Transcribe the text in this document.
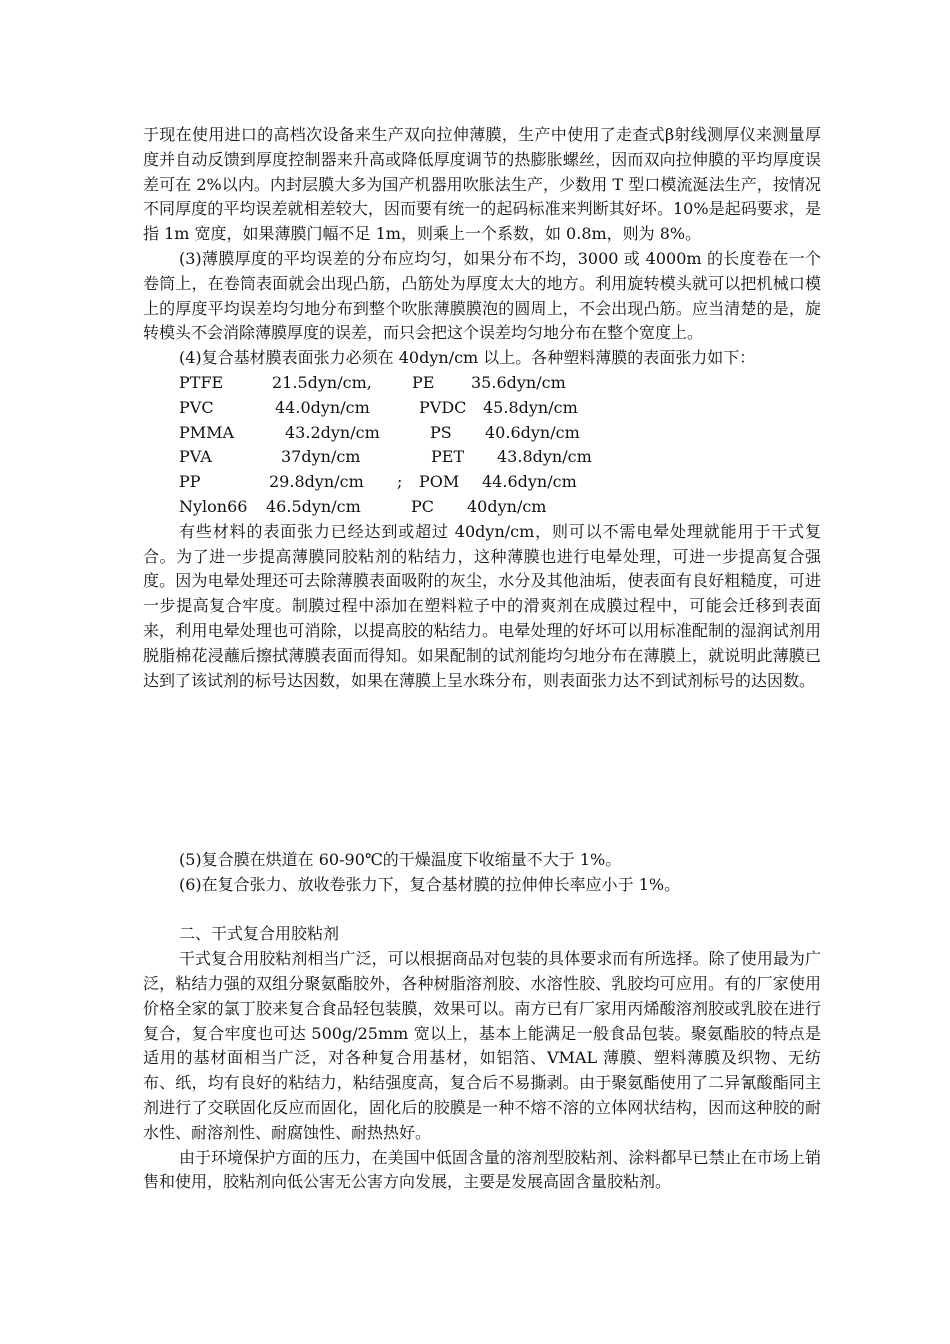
于现在使用进口的高档次设备来生产双向拉伸薄膜，生产中使用了走查式β射线测厚仪来测量厚度并自动反馈到厚度控制器来升高或降低厚度调节的热膨胀螺丝，因而双向拉伸膜的平均厚度误差可在 2%以内。内封层膜大多为国产机器用吹胀法生产，少数用 T 型口模流涎法生产，按情况不同厚度的平均误差就相差较大，因而要有统一的起码标准来判断其好坏。10%是起码要求，是指 1m 宽度，如果薄膜门幅不足 1m，则乘上一个系数，如 0.8m，则为 8%。

(3)薄膜厚度的平均误差的分布应均匀，如果分布不均，3000 或 4000m 的长度卷在一个卷筒上，在卷筒表面就会出现凸筋，凸筋处为厚度太大的地方。利用旋转模头就可以把机械口模上的厚度平均误差均匀地分布到整个吹胀薄膜膜泡的圆周上，不会出现凸筋。应当清楚的是，旋转模头不会消除薄膜厚度的误差，而只会把这个误差均匀地分布在整个宽度上。

(4)复合基材膜表面张力必须在 40dyn/cm 以上。各种塑料薄膜的表面张力如下：

PTFE	21.5dyn/cm,	PE 35.6dyn/cm
PVC	44.0dyn/cm	PVDC 45.8dyn/cm
PMMA	43.2dyn/cm	PS 40.6dyn/cm
PVA	37dyn/cm	PET 43.8dyn/cm
PP	29.8dyn/cm ; POM 44.6dyn/cm
Nylon66 46.5dyn/cm	PC 40dyn/cm

有些材料的表面张力已经达到或超过 40dyn/cm，则可以不需电晕处理就能用于干式复合。为了进一步提高薄膜同胶粘剂的粘结力，这种薄膜也进行电晕处理，可进一步提高复合强度。因为电晕处理还可去除薄膜表面吸附的灰尘，水分及其他油垢，使表面有良好粗糙度，可进一步提高复合牢度。制膜过程中添加在塑料粒子中的滑爽剂在成膜过程中，可能会迁移到表面来，利用电晕处理也可消除，以提高胶的粘结力。电晕处理的好坏可以用标准配制的湿润试剂用脱脂棉花浸蘸后擦拭薄膜表面而得知。如果配制的试剂能均匀地分布在薄膜上，就说明此薄膜已达到了该试剂的标号达因数，如果在薄膜上呈水珠分布，则表面张力达不到试剂标号的达因数。

(5)复合膜在烘道在 60-90℃的干燥温度下收缩量不大于 1%。

(6)在复合张力、放收卷张力下，复合基材膜的拉伸伸长率应小于 1%。

二、干式复合用胶粘剂

干式复合用胶粘剂相当广泛，可以根据商品对包装的具体要求而有所选择。除了使用最为广泛，粘结力强的双组分聚氨酯胶外，各种树脂溶剂胶、水溶性胶、乳胶均可应用。有的厂家使用价格全家的氯丁胶来复合食品轻包装膜，效果可以。南方已有厂家用丙烯酸溶剂胶或乳胶在进行复合，复合牢度也可达 500g/25mm 宽以上，基本上能满足一般食品包装。聚氨酯胶的特点是适用的基材面相当广泛，对各种复合用基材，如铝箔、VMAL 薄膜、塑料薄膜及织物、无纺布、纸，均有良好的粘结力，粘结强度高，复合后不易撕剥。由于聚氨酯使用了二异氰酸酯同主剂进行了交联固化反应而固化，固化后的胶膜是一种不熔不溶的立体网状结构，因而这种胶的耐水性、耐溶剂性、耐腐蚀性、耐热热好。

由于环境保护方面的压力，在美国中低固含量的溶剂型胶粘剂、涂料都早已禁止在市场上销售和使用，胶粘剂向低公害无公害方向发展，主要是发展高固含量胶粘剂。
